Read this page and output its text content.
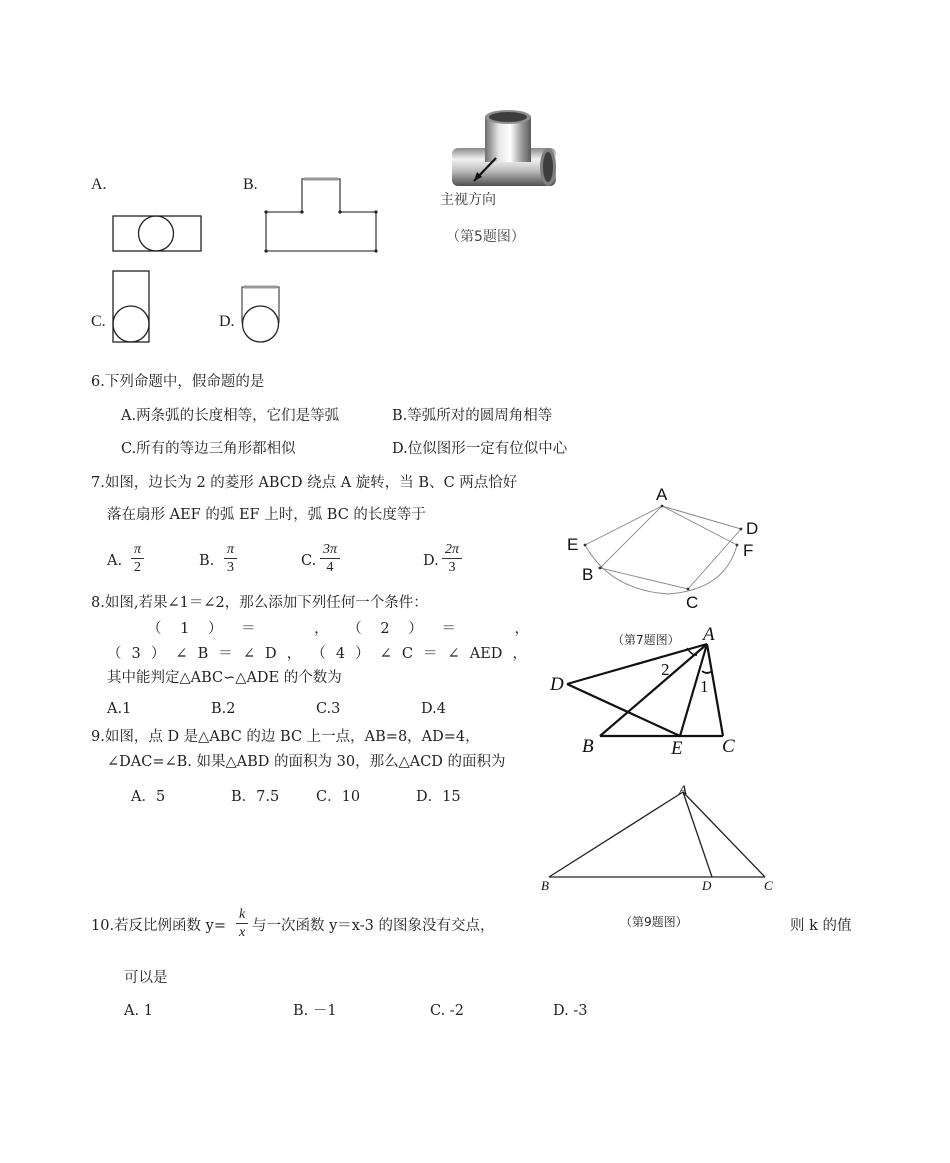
A.	B.
C.	D.
主视方向
（第5题图）
6.下列命题中，假命题的是
A.两条弧的长度相等，它们是等弧	B.等弧所对的圆周角相等
C.所有的等边三角形都相似	D.位似图形一定有位似中心
7.如图，边长为 2 的菱形 ABCD 绕点 A 旋转，当 B、C 两点恰好
落在扇形 AEF 的弧 EF 上时，弧 BC 的长度等于
A. $\frac{\pi}{2}$	B. $\frac{\pi}{3}$	C. $\frac{3\pi}{4}$	D. $\frac{2\pi}{3}$
A
E
B
C
D
F
（第7题图）
8.如图,若果∠1＝∠2，那么添加下列任何一个条件：
（ 1 ） ＝	， （ 2 ） ＝	，
（ 3 ） ∠ B ＝ ∠ D ， （ 4 ） ∠ C ＝ ∠ AED ，
其中能判定△ABC∽△ADE 的个数为
A.1	B.2	C.3	D.4
A
D
B	E C
2
1
9.如图，点 D 是△ABC 的边 BC 上一点，AB=8，AD=4，
∠DAC=∠B. 如果△ABD 的面积为 30，那么△ACD 的面积为
A．5	B．7.5	C．10	D．15	A
B	D	C
（第9题图）
10.若反比例函数 $y= \frac{k}{x}$ 与一次函数 y＝x-3 的图象没有交点，	则 k 的值
可以是
A. 1	B. －1	C. -2	D. -3
